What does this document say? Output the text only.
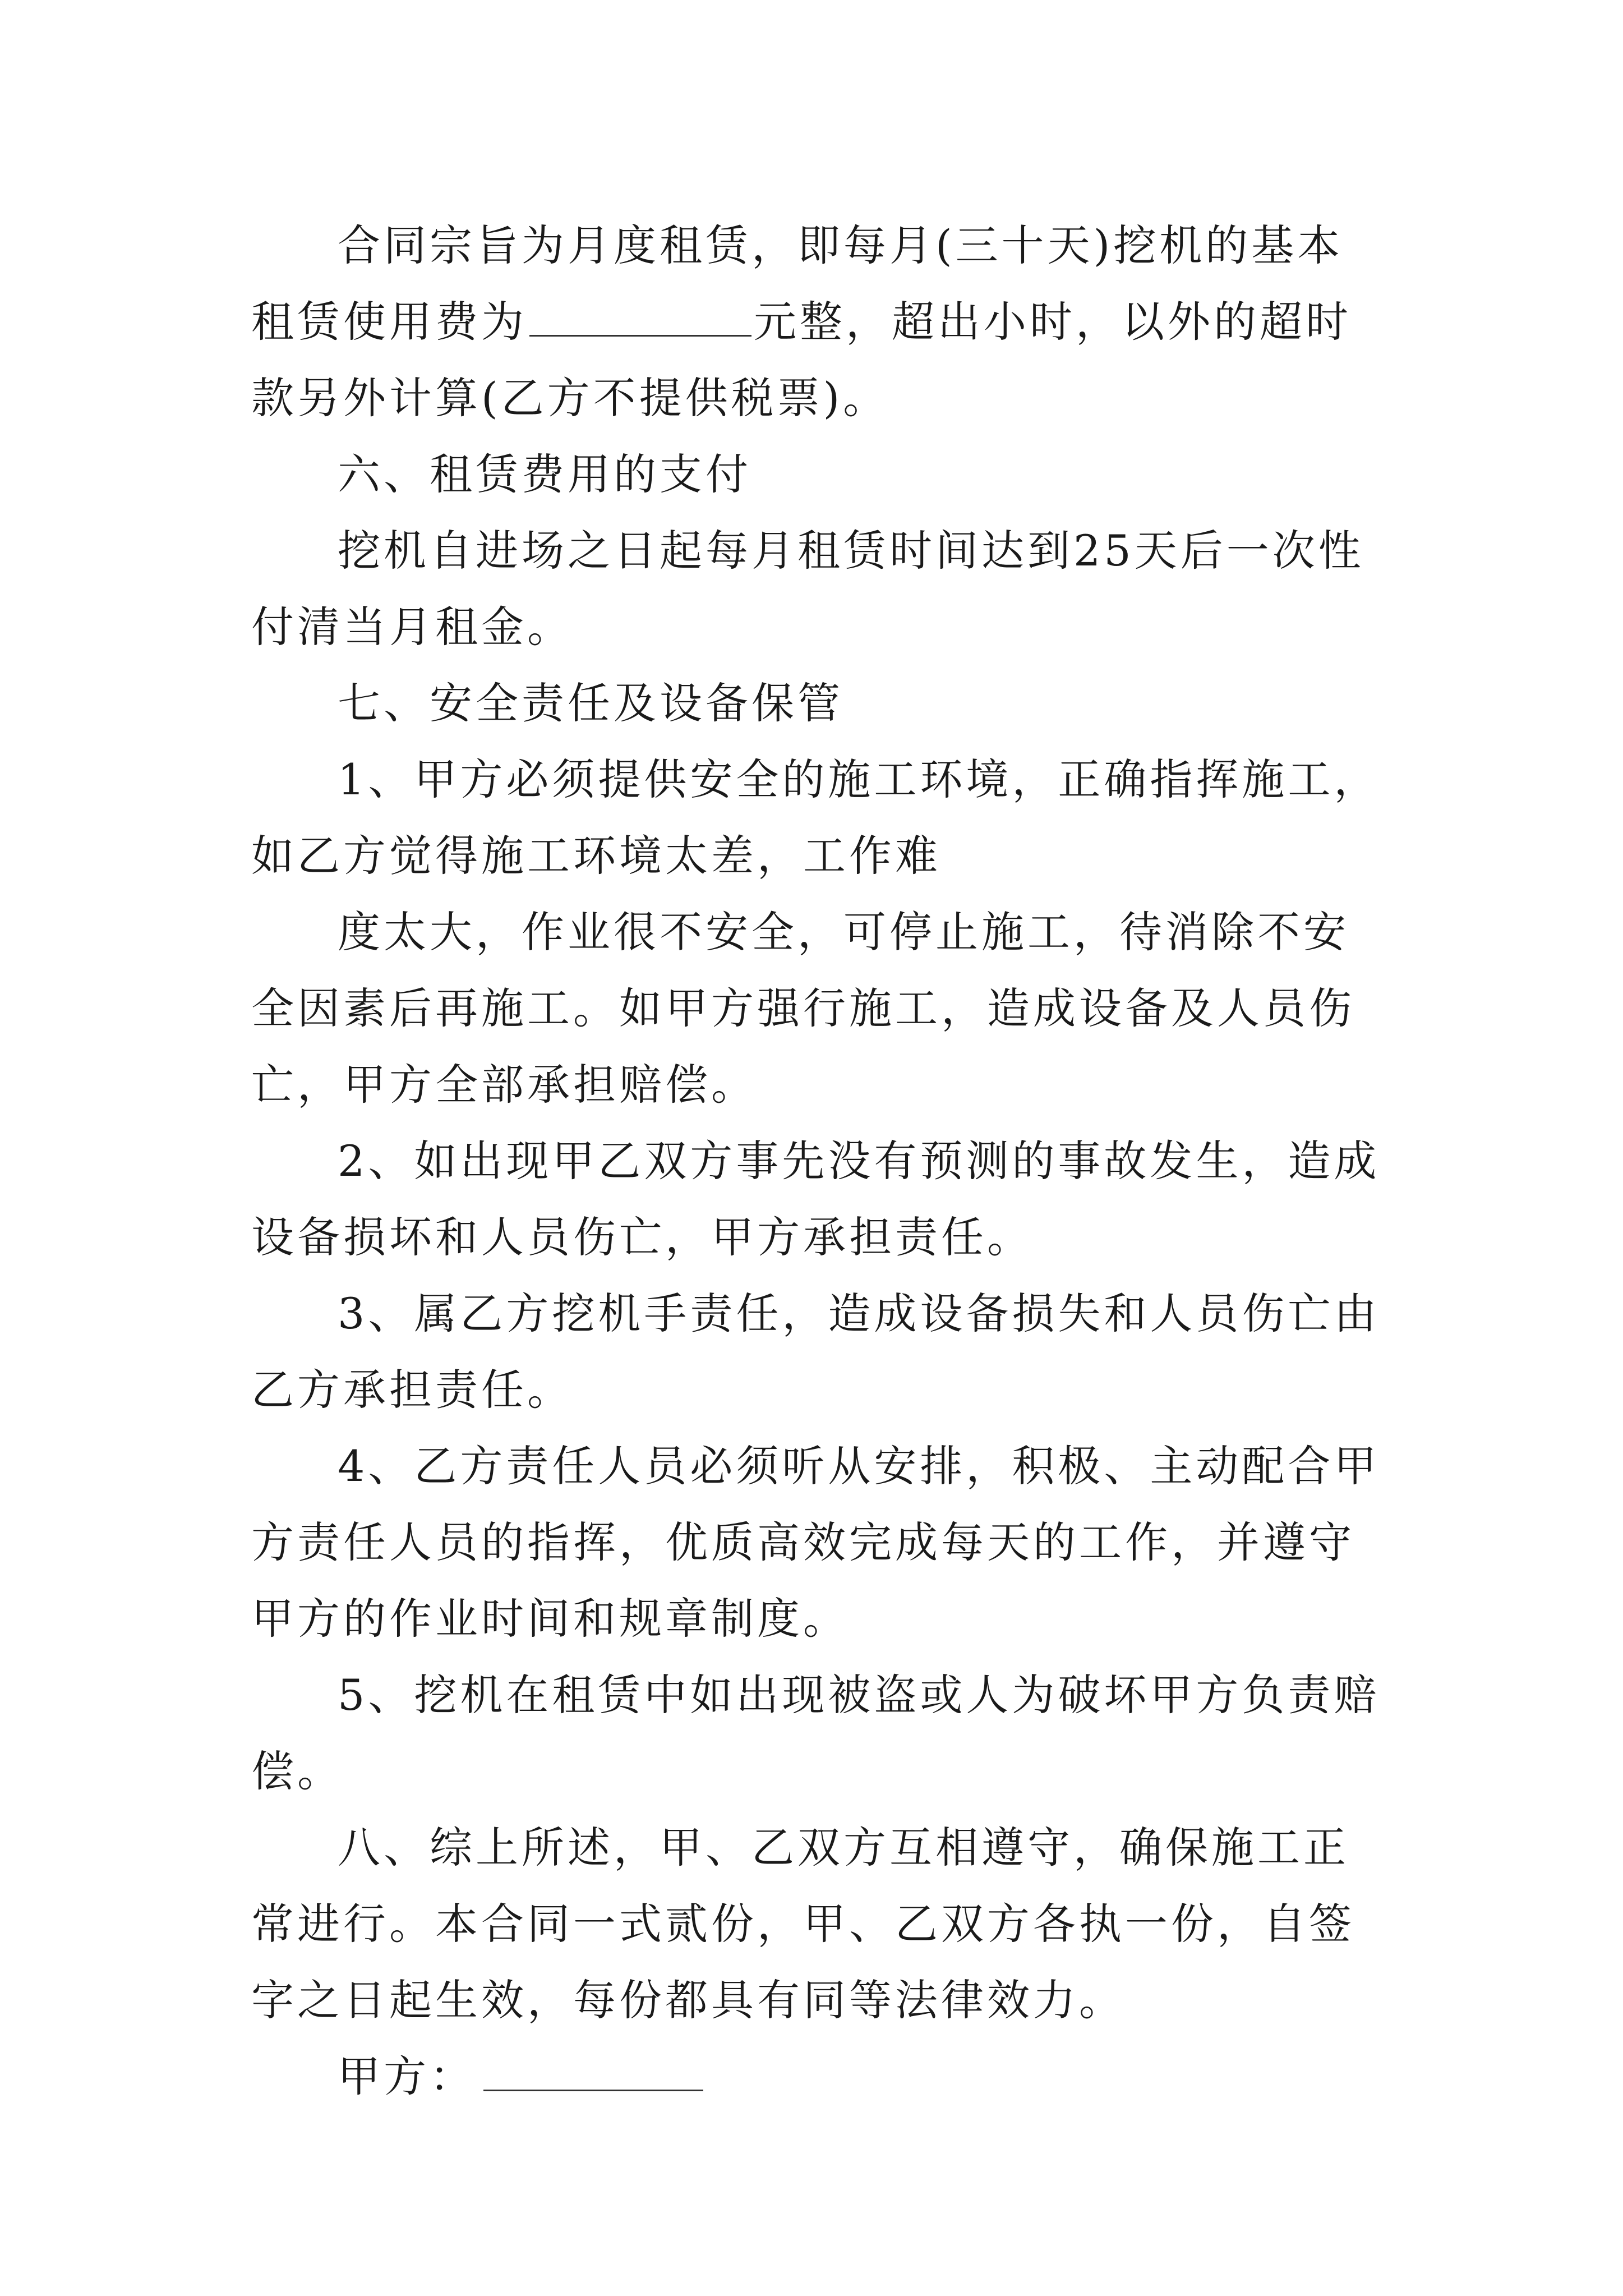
合同宗旨为月度租赁，即每月(三十天)挖机的基本租赁使用费为	元整，超出小时，以外的超时款另外计算(乙方不提供税票)。

六、租赁费用的支付

挖机自进场之日起每月租赁时间达到25天后一次性付清当月租金。

七、安全责任及设备保管

1、甲方必须提供安全的施工环境，正确指挥施工，如乙方觉得施工环境太差，工作难

度太大，作业很不安全，可停止施工，待消除不安全因素后再施工。如甲方强行施工，造成设备及人员伤亡，甲方全部承担赔偿。

2、如出现甲乙双方事先没有预测的事故发生，造成设备损坏和人员伤亡，甲方承担责任。

3、属乙方挖机手责任，造成设备损失和人员伤亡由乙方承担责任。

4、乙方责任人员必须听从安排，积极、主动配合甲方责任人员的指挥，优质高效完成每天的工作，并遵守甲方的作业时间和规章制度。

5、挖机在租赁中如出现被盗或人为破坏甲方负责赔偿。

八、综上所述，甲、乙双方互相遵守，确保施工正常进行。本合同一式贰份，甲、乙双方各执一份，自签字之日起生效，每份都具有同等法律效力。

甲方：
